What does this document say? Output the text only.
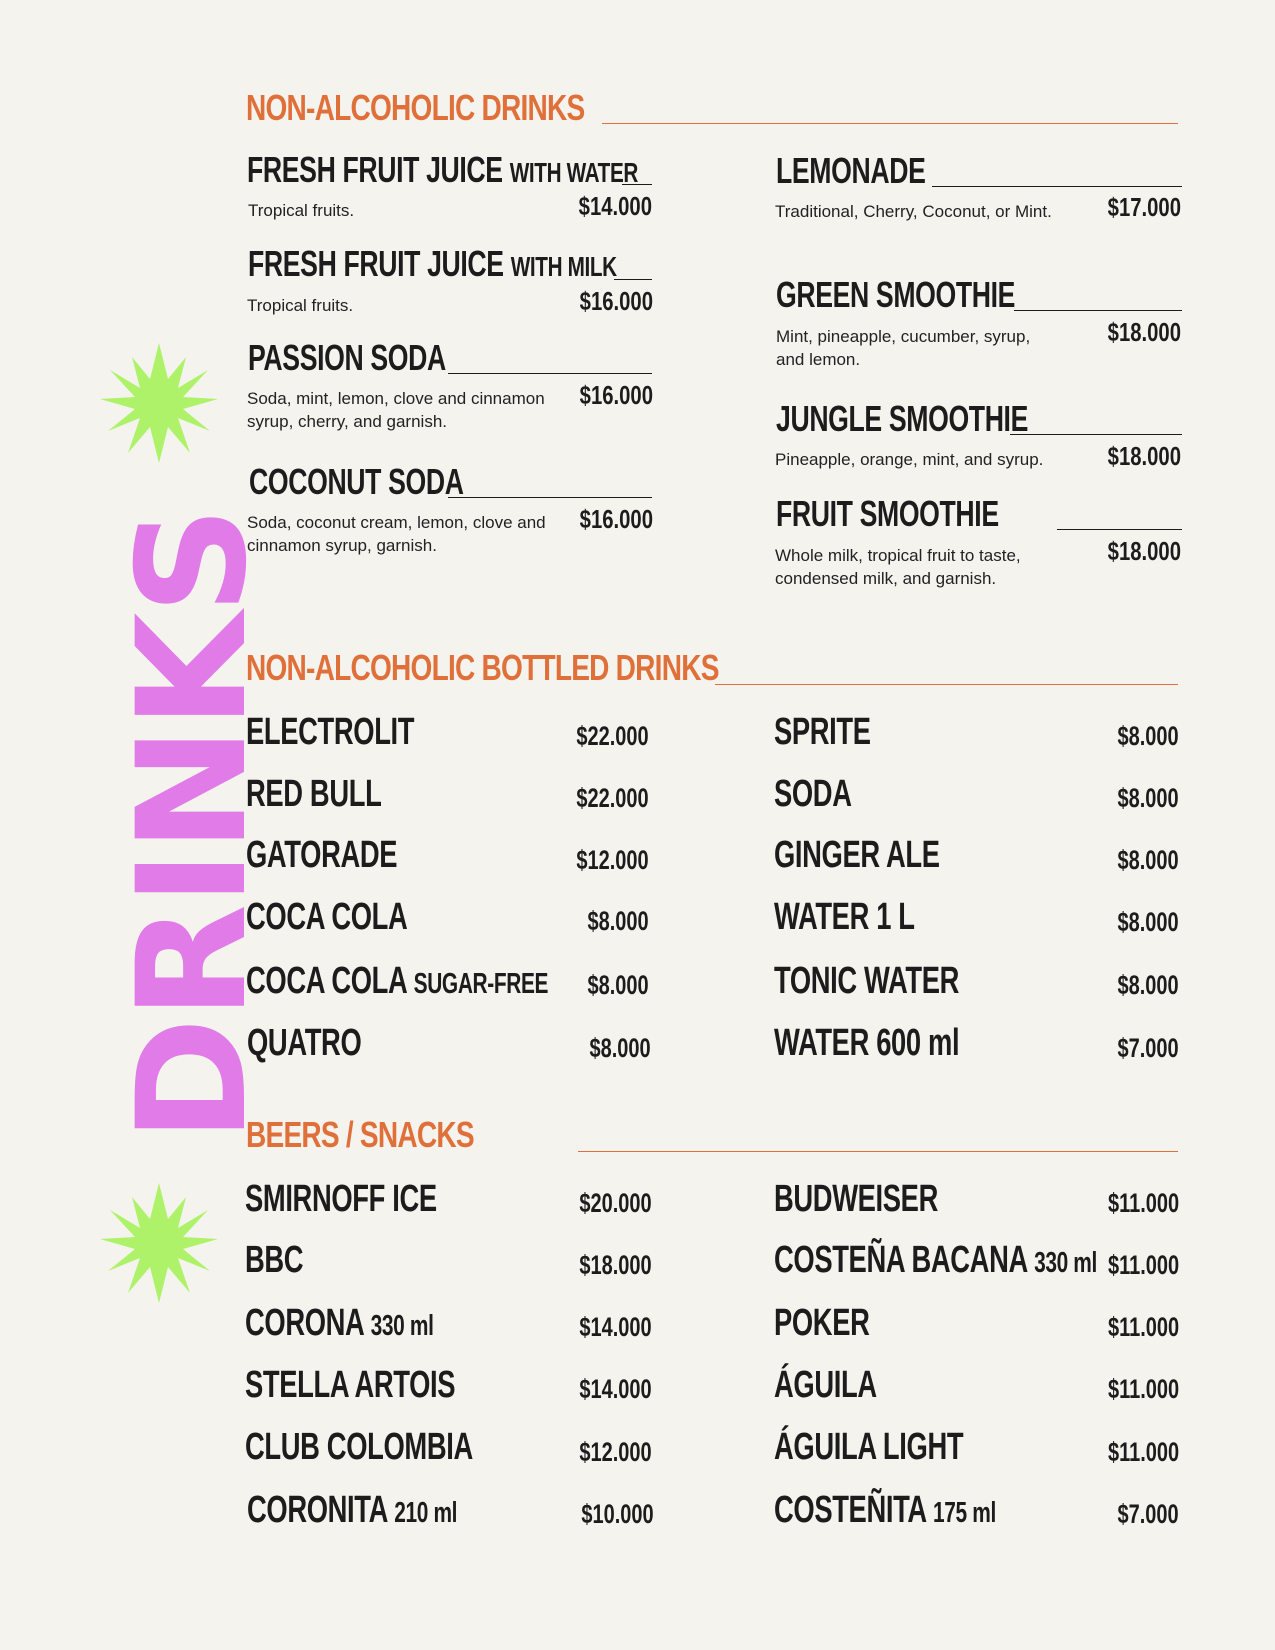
DRINKS
NON-ALCOHOLIC DRINKS
FRESH FRUIT JUICE WITH WATER
Tropical fruits.	$14.000
FRESH FRUIT JUICE WITH MILK
Tropical fruits.	$16.000
PASSION SODA
Soda, mint, lemon, clove and cinnamon syrup, cherry, and garnish.
$16.000
COCONUT SODA
Soda, coconut cream, lemon, clove and cinnamon syrup, garnish.
$16.000
LEMONADE
Traditional, Cherry, Coconut, or Mint.	$17.000
GREEN SMOOTHIE
Mint, pineapple, cucumber, syrup, and lemon.
$18.000
JUNGLE SMOOTHIE
Pineapple, orange, mint, and syrup.	$18.000
FRUIT SMOOTHIE
Whole milk, tropical fruit to taste, condensed milk, and garnish.
$18.000
NON-ALCOHOLIC BOTTLED DRINKS
ELECTROLIT	$22.000
RED BULL	$22.000
GATORADE	$12.000
COCA COLA	$8.000
COCA COLA SUGAR-FREE $8.000
QUATRO	$8.000
SPRITE	$8.000
SODA	$8.000
GINGER ALE	$8.000
WATER 1 L	$8.000
TONIC WATER	$8.000
WATER 600 ml	$7.000
BEERS / SNACKS
SMIRNOFF ICE	$20.000
BBC	$18.000
CORONA 330 ml	$14.000
STELLA ARTOIS	$14.000
CLUB COLOMBIA	$12.000
CORONITA 210 ml	$10.000
BUDWEISER	$11.000
COSTEÑA BACANA 330 ml $11.000
POKER	$11.000
ÁGUILA	$11.000
ÁGUILA LIGHT	$11.000
COSTEÑITA 175 ml	$7.000
